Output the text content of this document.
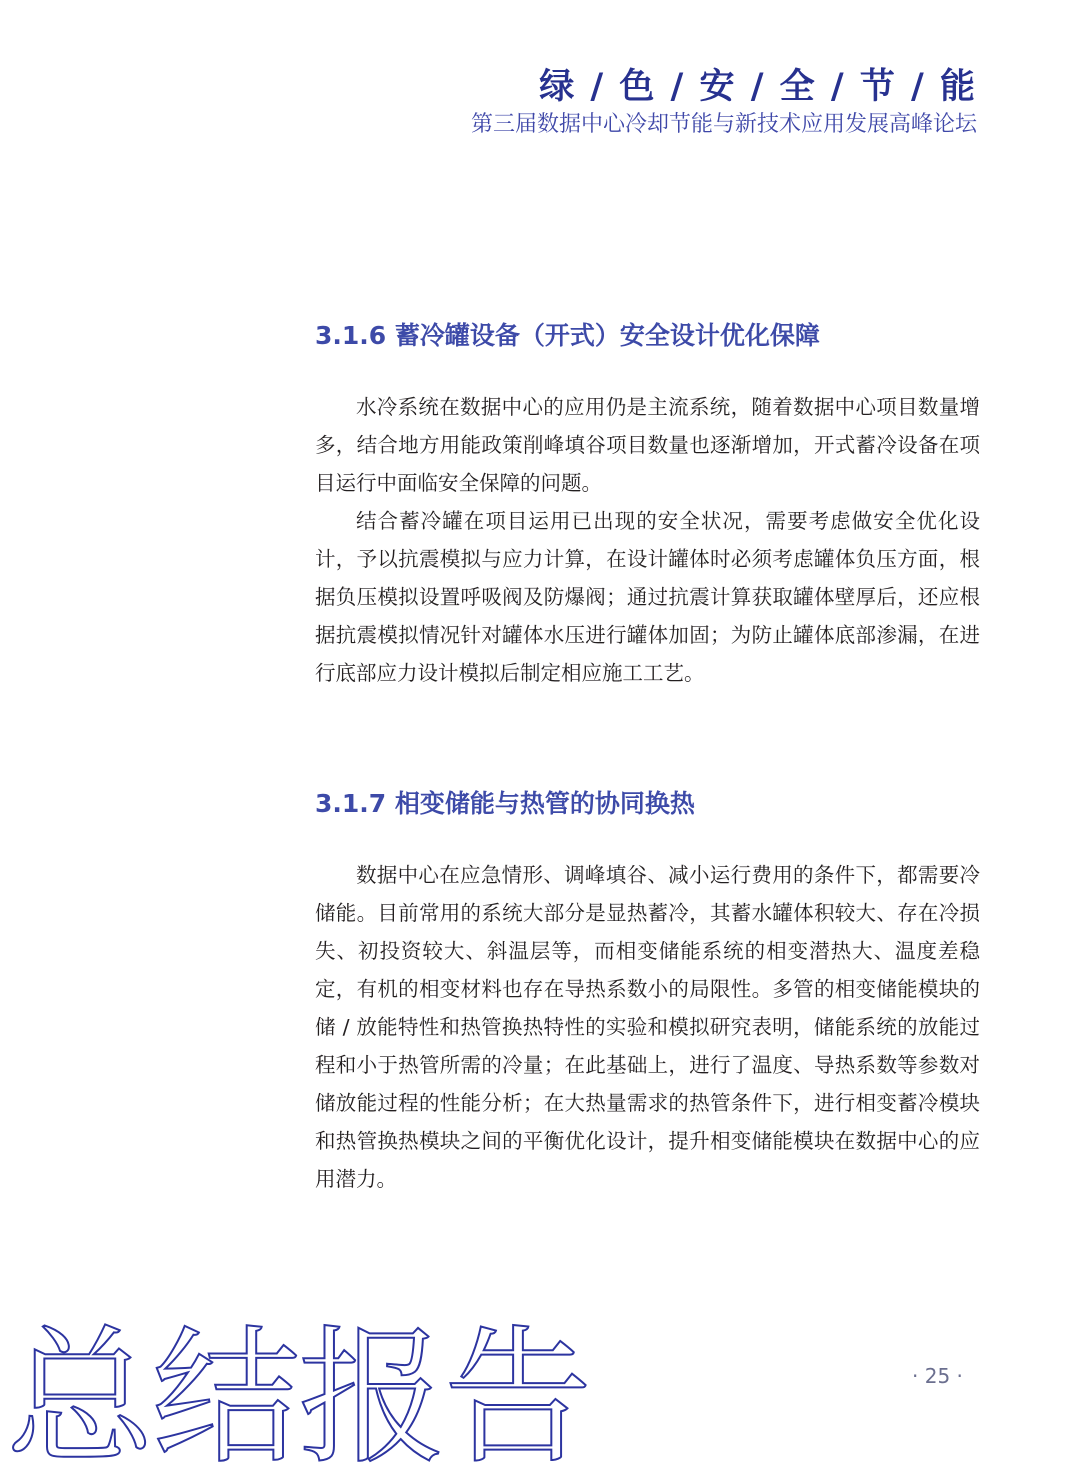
绿 / 色 / 安 / 全 / 节 / 能
第三届数据中心冷却节能与新技术应用发展高峰论坛
3.1.6 蓄冷罐设备（开式）安全设计优化保障

水冷系统在数据中心的应用仍是主流系统，随着数据中心项目数量增多，结合地方用能政策削峰填谷项目数量也逐渐增加，开式蓄冷设备在项目运行中面临安全保障的问题。

结合蓄冷罐在项目运用已出现的安全状况，需要考虑做安全优化设计，予以抗震模拟与应力计算，在设计罐体时必须考虑罐体负压方面，根据负压模拟设置呼吸阀及防爆阀；通过抗震计算获取罐体壁厚后，还应根据抗震模拟情况针对罐体水压进行罐体加固；为防止罐体底部渗漏，在进行底部应力设计模拟后制定相应施工工艺。

3.1.7 相变储能与热管的协同换热

数据中心在应急情形、调峰填谷、减小运行费用的条件下，都需要冷储能。目前常用的系统大部分是显热蓄冷，其蓄水罐体积较大、存在冷损失、初投资较大、斜温层等，而相变储能系统的相变潜热大、温度差稳定，有机的相变材料也存在导热系数小的局限性。多管的相变储能模块的储 / 放能特性和热管换热特性的实验和模拟研究表明，储能系统的放能过程和小于热管所需的冷量；在此基础上，进行了温度、导热系数等参数对储放能过程的性能分析；在大热量需求的热管条件下，进行相变蓄冷模块和热管换热模块之间的平衡优化设计，提升相变储能模块在数据中心的应用潜力。

· 25 ·
总结报告
